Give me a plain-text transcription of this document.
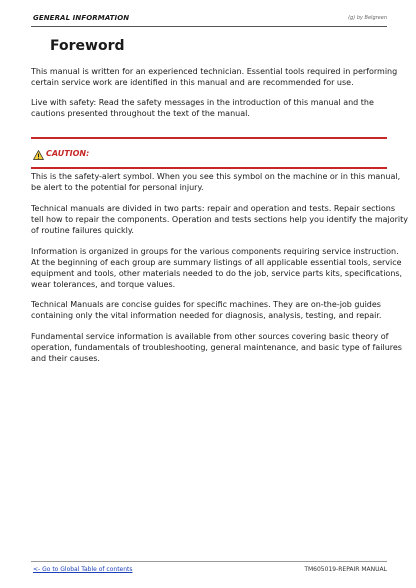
GENERAL INFORMATION	(g) by Belgreen
Foreword

This manual is written for an experienced technician. Essential tools required in performing
certain service work are identified in this manual and are recommended for use.

Live with safety: Read the safety messages in the introduction of this manual and the
cautions presented throughout the text of the manual.

CAUTION:

This is the safety-alert symbol. When you see this symbol on the machine or in this manual,
be alert to the potential for personal injury.

Technical manuals are divided in two parts: repair and operation and tests. Repair sections
tell how to repair the components. Operation and tests sections help you identify the majority
of routine failures quickly.

Information is organized in groups for the various components requiring service instruction.
At the beginning of each group are summary listings of all applicable essential tools, service
equipment and tools, other materials needed to do the job, service parts kits, specifications,
wear tolerances, and torque values.

Technical Manuals are concise guides for specific machines. They are on-the-job guides
containing only the vital information needed for diagnosis, analysis, testing, and repair.

Fundamental service information is available from other sources covering basic theory of
operation, fundamentals of troubleshooting, general maintenance, and basic type of failures
and their causes.

<- Go to Global Table of contents	TM605019-REPAIR MANUAL
